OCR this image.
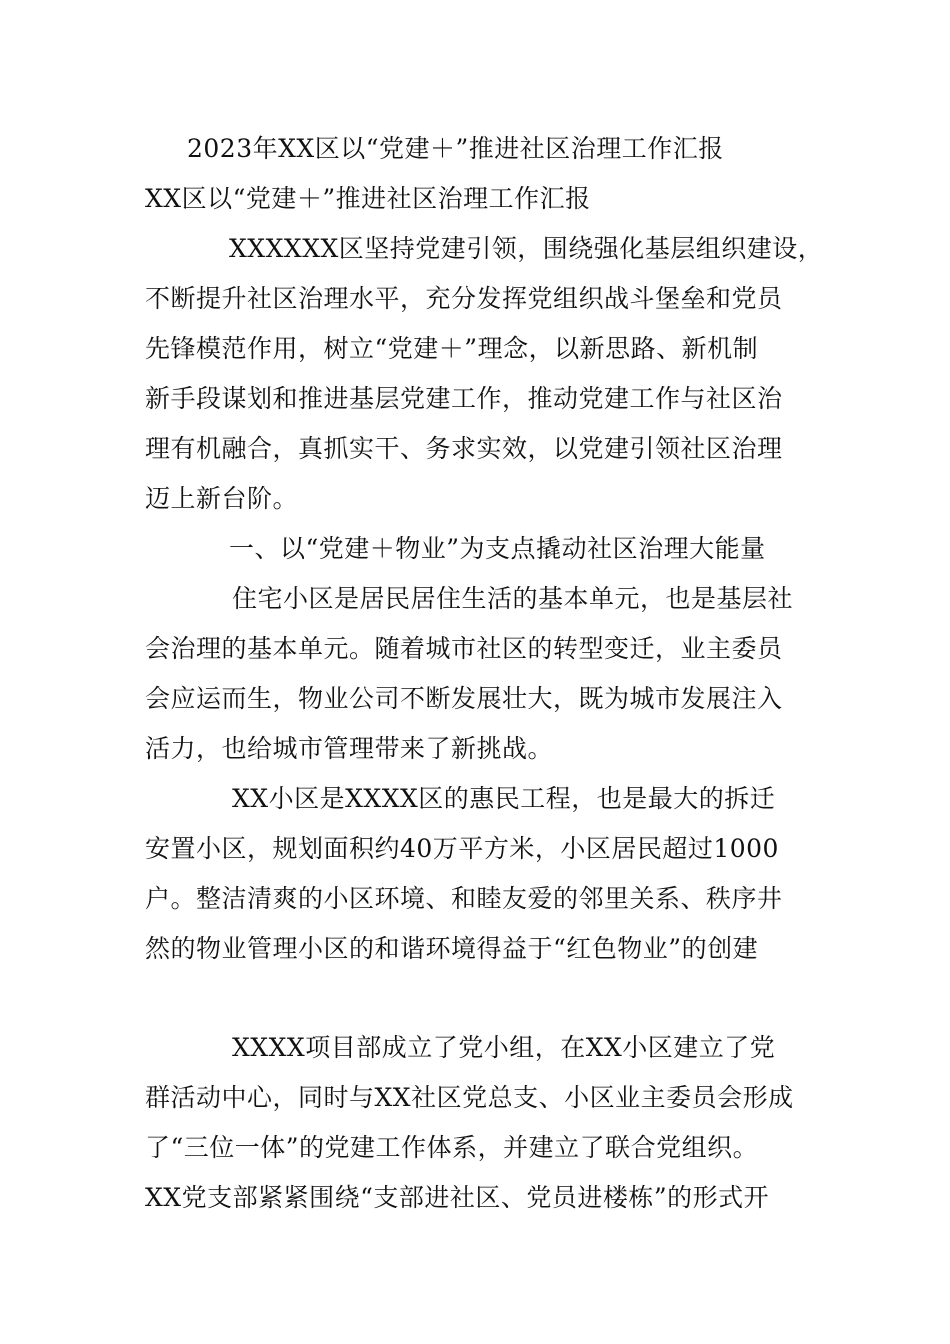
2023年XX区以“党建＋”推进社区治理工作汇报
XX区以“党建＋”推进社区治理工作汇报
XXXXXX区坚持党建引领，围绕强化基层组织建设，
不断提升社区治理水平，充分发挥党组织战斗堡垒和党员
先锋模范作用，树立“党建＋”理念，以新思路、新机制
新手段谋划和推进基层党建工作，推动党建工作与社区治
理有机融合，真抓实干、务求实效，以党建引领社区治理
迈上新台阶。
一、以“党建＋物业”为支点撬动社区治理大能量
住宅小区是居民居住生活的基本单元，也是基层社
会治理的基本单元。随着城市社区的转型变迁，业主委员
会应运而生，物业公司不断发展壮大，既为城市发展注入
活力，也给城市管理带来了新挑战。
XX小区是XXXX区的惠民工程，也是最大的拆迁
安置小区，规划面积约40万平方米，小区居民超过1000
户。整洁清爽的小区环境、和睦友爱的邻里关系、秩序井
然的物业管理小区的和谐环境得益于“红色物业”的创建
XXXX项目部成立了党小组，在XX小区建立了党
群活动中心，同时与XX社区党总支、小区业主委员会形成
了“三位一体”的党建工作体系，并建立了联合党组织。
XX党支部紧紧围绕“支部进社区、党员进楼栋”的形式开
